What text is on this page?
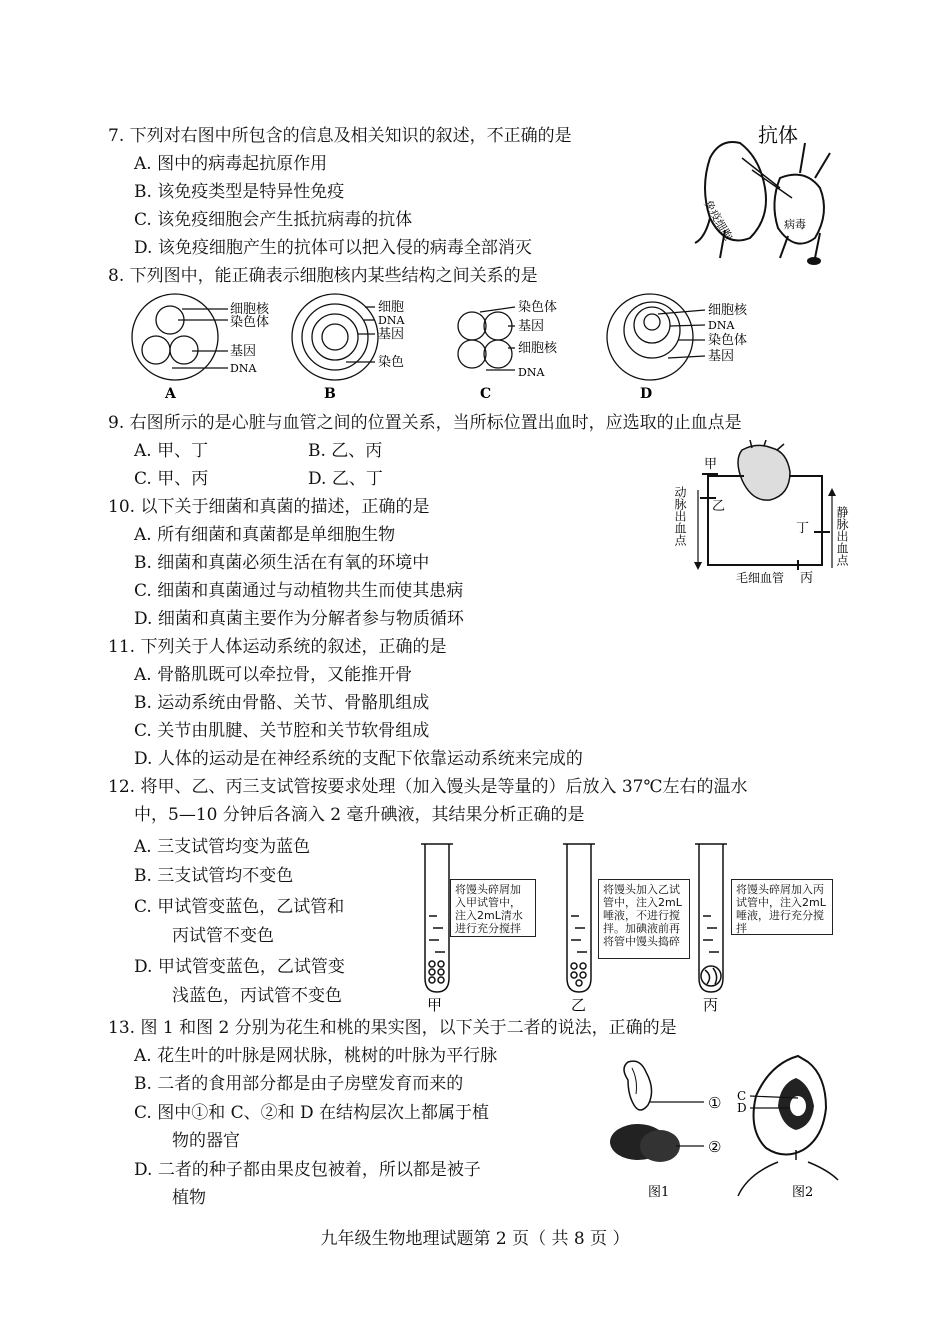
7. 下列对右图中所包含的信息及相关知识的叙述，不正确的是
A. 图中的病毒起抗原作用
B. 该免疫类型是特异性免疫
C. 该免疫细胞会产生抵抗病毒的抗体
D. 该免疫细胞产生的抗体可以把入侵的病毒全部消灭
抗体
免疫细胞	病毒
8. 下列图中，能正确表示细胞核内某些结构之间关系的是
细胞核
染色体
基因
DNA
A
细胞
DNA
基因
染色
B
染色体
基因
细胞核
DNA
C
细胞核
DNA
染色体
基因
D
9. 右图所示的是心脏与血管之间的位置关系，当所标位置出血时，应选取的止血点是
A. 甲、丁	B. 乙、丙
C. 甲、丙	D. 乙、丁
甲
乙
丁
丙
毛细血管
动脉出血点	静脉出血点
10. 以下关于细菌和真菌的描述，正确的是
A. 所有细菌和真菌都是单细胞生物
B. 细菌和真菌必须生活在有氧的环境中
C. 细菌和真菌通过与动植物共生而使其患病
D. 细菌和真菌主要作为分解者参与物质循环
11. 下列关于人体运动系统的叙述，正确的是
A. 骨骼肌既可以牵拉骨，又能推开骨
B. 运动系统由骨骼、关节、骨骼肌组成
C. 关节由肌腱、关节腔和关节软骨组成
D. 人体的运动是在神经系统的支配下依靠运动系统来完成的
12. 将甲、乙、丙三支试管按要求处理（加入馒头是等量的）后放入 37℃左右的温水
中，5—10 分钟后各滴入 2 毫升碘液，其结果分析正确的是
A. 三支试管均变为蓝色
B. 三支试管均不变色
C. 甲试管变蓝色，乙试管和
丙试管不变色
D. 甲试管变蓝色，乙试管变
浅蓝色，丙试管不变色	甲	乙	丙
将馒头碎屑加入甲试管中，注入2mL清水进行充分搅拌
将馒头加入乙试管中，注入2mL唾液，不进行搅拌。加碘液前再将管中馒头捣碎
将馒头碎屑加入丙试管中，注入2mL唾液，进行充分搅拌
13. 图 1 和图 2 分别为花生和桃的果实图，以下关于二者的说法，正确的是
A. 花生叶的叶脉是网状脉，桃树的叶脉为平行脉
B. 二者的食用部分都是由子房壁发育而来的
C. 图中①和 C、②和 D 在结构层次上都属于植
物的器官
D. 二者的种子都由果皮包被着，所以都是被子
植物
①
②
C
D
图1	图2
九年级生物地理试题第 2 页（ 共 8 页 ）
